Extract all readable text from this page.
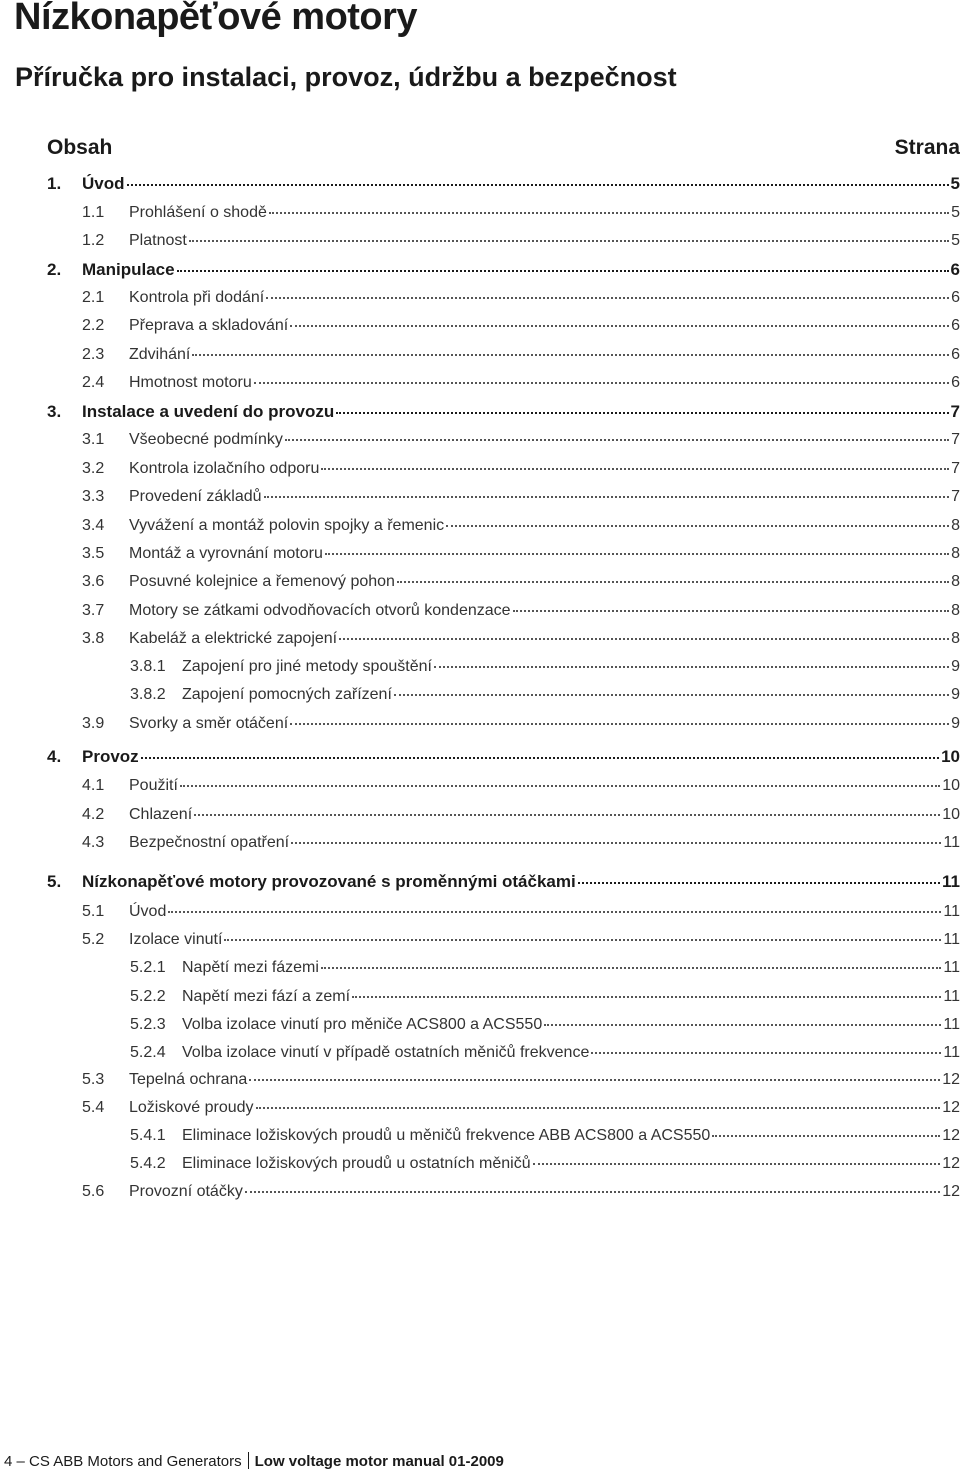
Nízkonapěťové motory
Příručka pro instalaci, provoz, údržbu a bezpečnost
Obsah	Strana
1.	Úvod	5
1.1	Prohlášení o shodě	5
1.2	Platnost	5
2.	Manipulace	6
2.1	Kontrola při dodání	6
2.2	Přeprava a skladování	6
2.3	Zdvihání	6
2.4	Hmotnost motoru	6
3.	Instalace a uvedení do provozu	7
3.1	Všeobecné podmínky	7
3.2	Kontrola izolačního odporu	7
3.3	Provedení základů	7
3.4	Vyvážení a montáž polovin spojky a řemenic	8
3.5	Montáž a vyrovnání motoru	8
3.6	Posuvné kolejnice a řemenový pohon	8
3.7	Motory se zátkami odvodňovacích otvorů kondenzace	8
3.8	Kabeláž a elektrické zapojení	8
3.8.1	Zapojení pro jiné metody spouštění	9
3.8.2	Zapojení pomocných zařízení	9
3.9	Svorky a směr otáčení	9
4.	Provoz	10
4.1	Použití	10
4.2	Chlazení	10
4.3	Bezpečnostní opatření	11
5.	Nízkonapěťové motory provozované s proměnnými otáčkami	11
5.1	Úvod	11
5.2	Izolace vinutí	11
5.2.1	Napětí mezi fázemi	11
5.2.2	Napětí mezi fází a zemí	11
5.2.3	Volba izolace vinutí pro měniče ACS800 a ACS550	11
5.2.4	Volba izolace vinutí v případě ostatních měničů frekvence	11
5.3	Tepelná ochrana	12
5.4	Ložiskové proudy	12
5.4.1	Eliminace ložiskových proudů u měničů frekvence ABB ACS800 a ACS550	12
5.4.2	Eliminace ložiskových proudů u ostatních měničů	12
5.6	Provozní otáčky	12
4 – CS ABB Motors and Generators Low voltage motor manual 01-2009
